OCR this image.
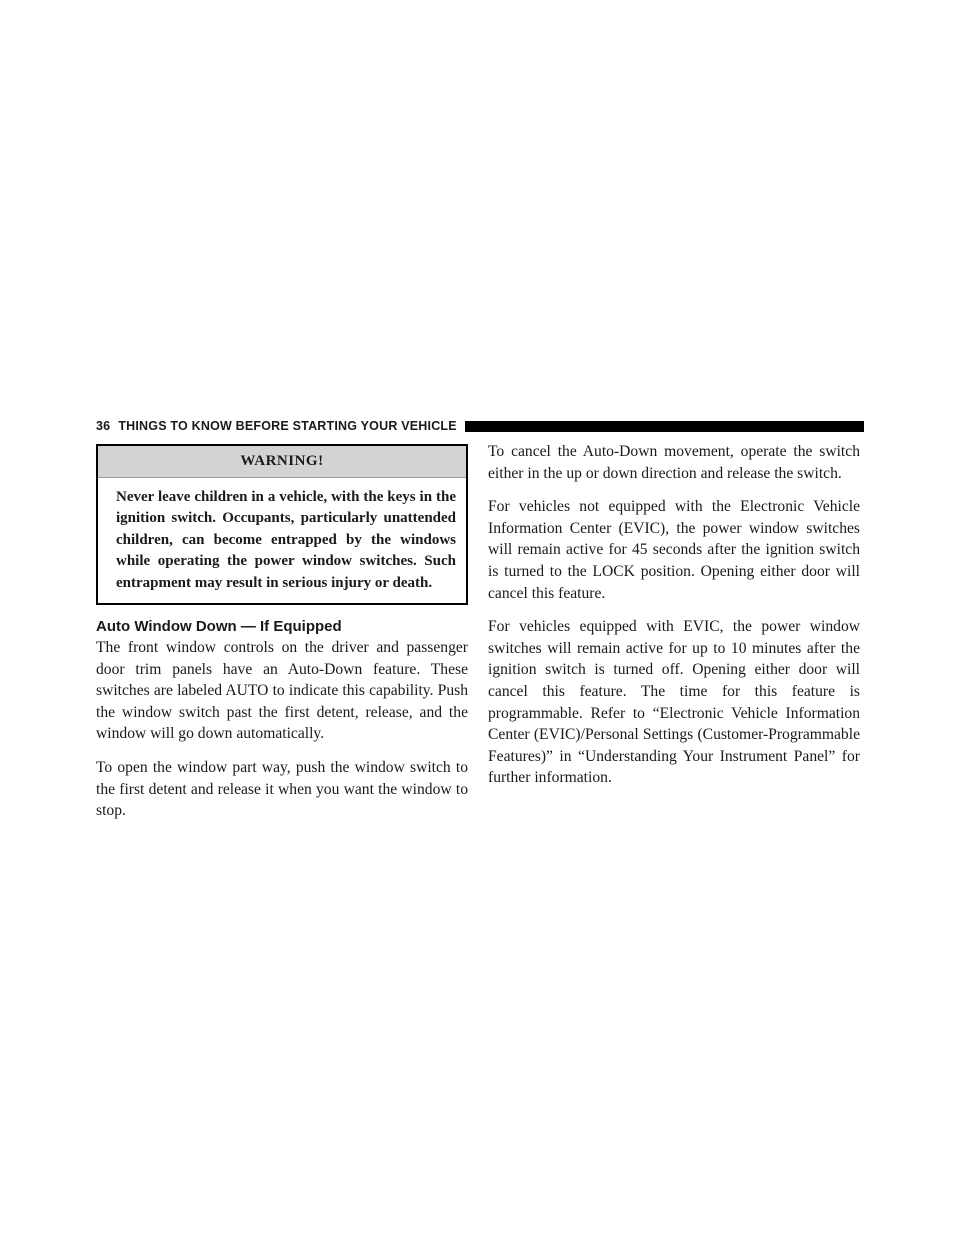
36 THINGS TO KNOW BEFORE STARTING YOUR VEHICLE
WARNING!
Never leave children in a vehicle, with the keys in the ignition switch. Occupants, particularly unattended children, can become entrapped by the windows while operating the power window switches. Such entrapment may result in serious injury or death.
Auto Window Down — If Equipped

The front window controls on the driver and passenger door trim panels have an Auto-Down feature. These switches are labeled AUTO to indicate this capability. Push the window switch past the first detent, release, and the window will go down automatically.

To open the window part way, push the window switch to the first detent and release it when you want the window to stop.

To cancel the Auto-Down movement, operate the switch either in the up or down direction and release the switch.

For vehicles not equipped with the Electronic Vehicle Information Center (EVIC), the power window switches will remain active for 45 seconds after the ignition switch is turned to the LOCK position. Opening either door will cancel this feature.

For vehicles equipped with EVIC, the power window switches will remain active for up to 10 minutes after the ignition switch is turned off. Opening either door will cancel this feature. The time for this feature is programmable. Refer to “Electronic Vehicle Information Center (EVIC)/Personal Settings (Customer-Programmable Features)” in “Understanding Your Instrument Panel” for further information.
